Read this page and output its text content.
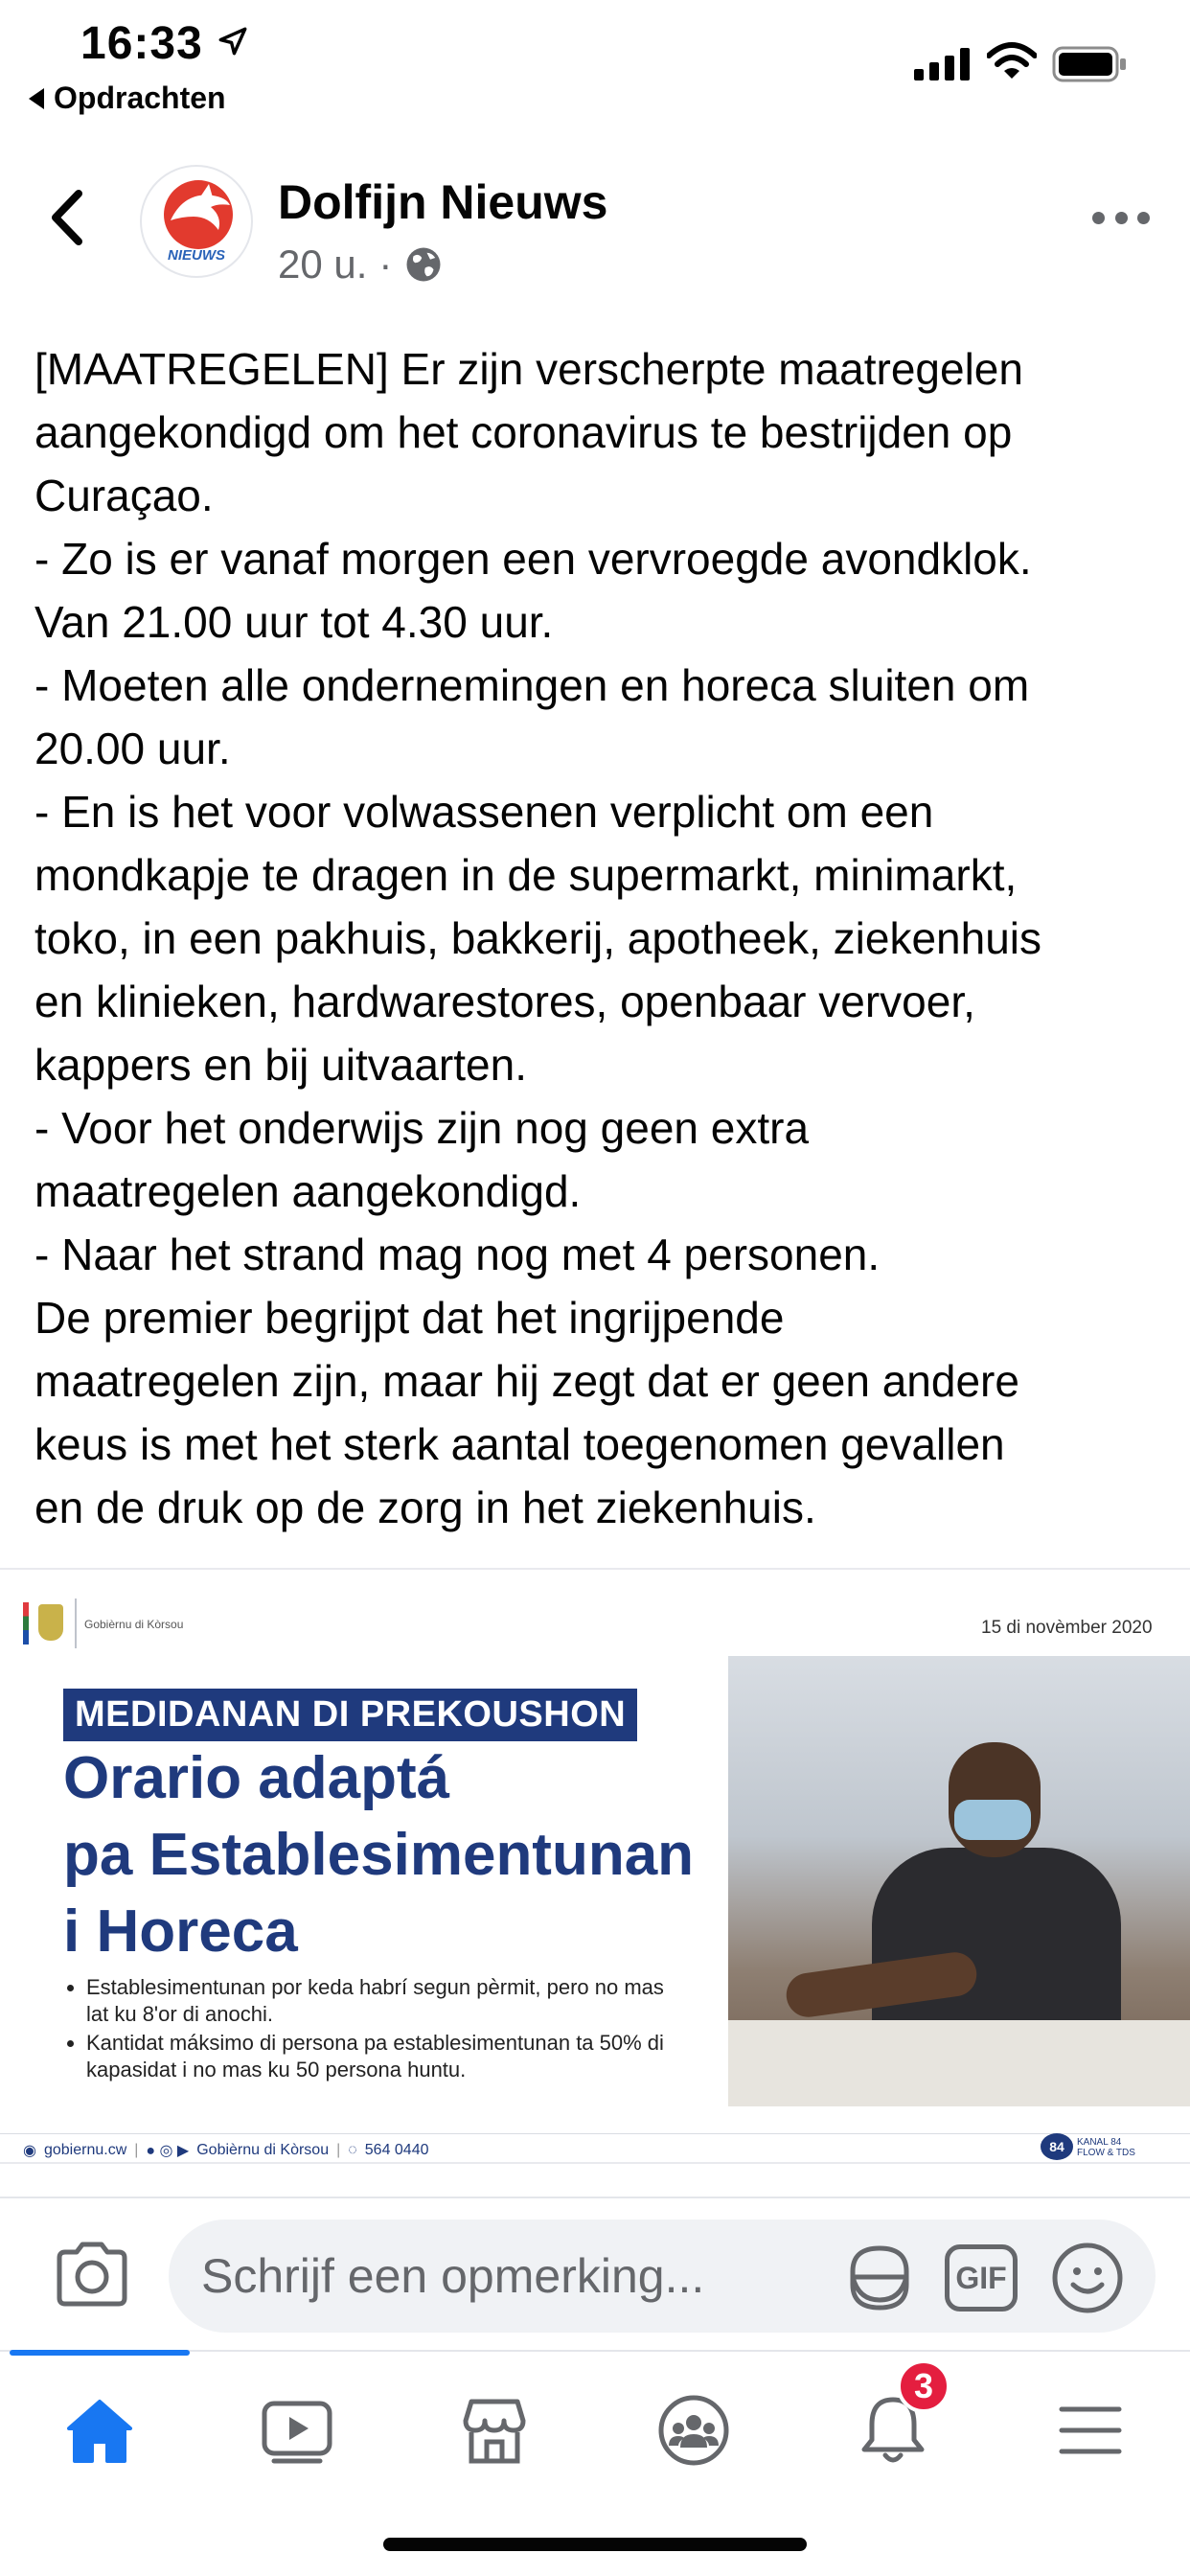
16:33
Opdrachten
NIEUWS
Dolfijn Nieuws
20 u. ·

[MAATREGELEN] Er zijn verscherpte maatregelen

aangekondigd om het coronavirus te bestrijden op

Curaçao.

- Zo is er vanaf morgen een vervroegde avondklok.

Van 21.00 uur tot 4.30 uur.

- Moeten alle ondernemingen en horeca sluiten om

20.00 uur.

- En is het voor volwassenen verplicht om een

mondkapje te dragen in de supermarkt, minimarkt,

toko, in een pakhuis, bakkerij, apotheek, ziekenhuis

en klinieken, hardwarestores, openbaar vervoer,

kappers en bij uitvaarten.

- Voor het onderwijs zijn nog geen extra

maatregelen aangekondigd.

- Naar het strand mag nog met 4 personen.

De premier begrijpt dat het ingrijpende

maatregelen zijn, maar hij zegt dat er geen andere

keus is met het sterk aantal toegenomen gevallen

en de druk op de zorg in het ziekenhuis.

Gobièrnu di Kòrsou	15 di novèmber 2020
MEDIDANAN DI PREKOUSHON
Orario adaptá
pa Establesimentunan
i Horeca
• Establesimentunan por keda habrí segun pèrmit, pero no mas lat ku 8'or di anochi.
• Kantidat máksimo di persona pa establesimentunan ta 50% di kapasidat i no mas ku 50 persona huntu.
◉ gobiernu.cw | ● ◎ ▶ Gobièrnu di Kòrsou | ◌ 564 0440	84	KANAL 84
FLOW & TDS
Schrijf een opmerking...
GIF
3
